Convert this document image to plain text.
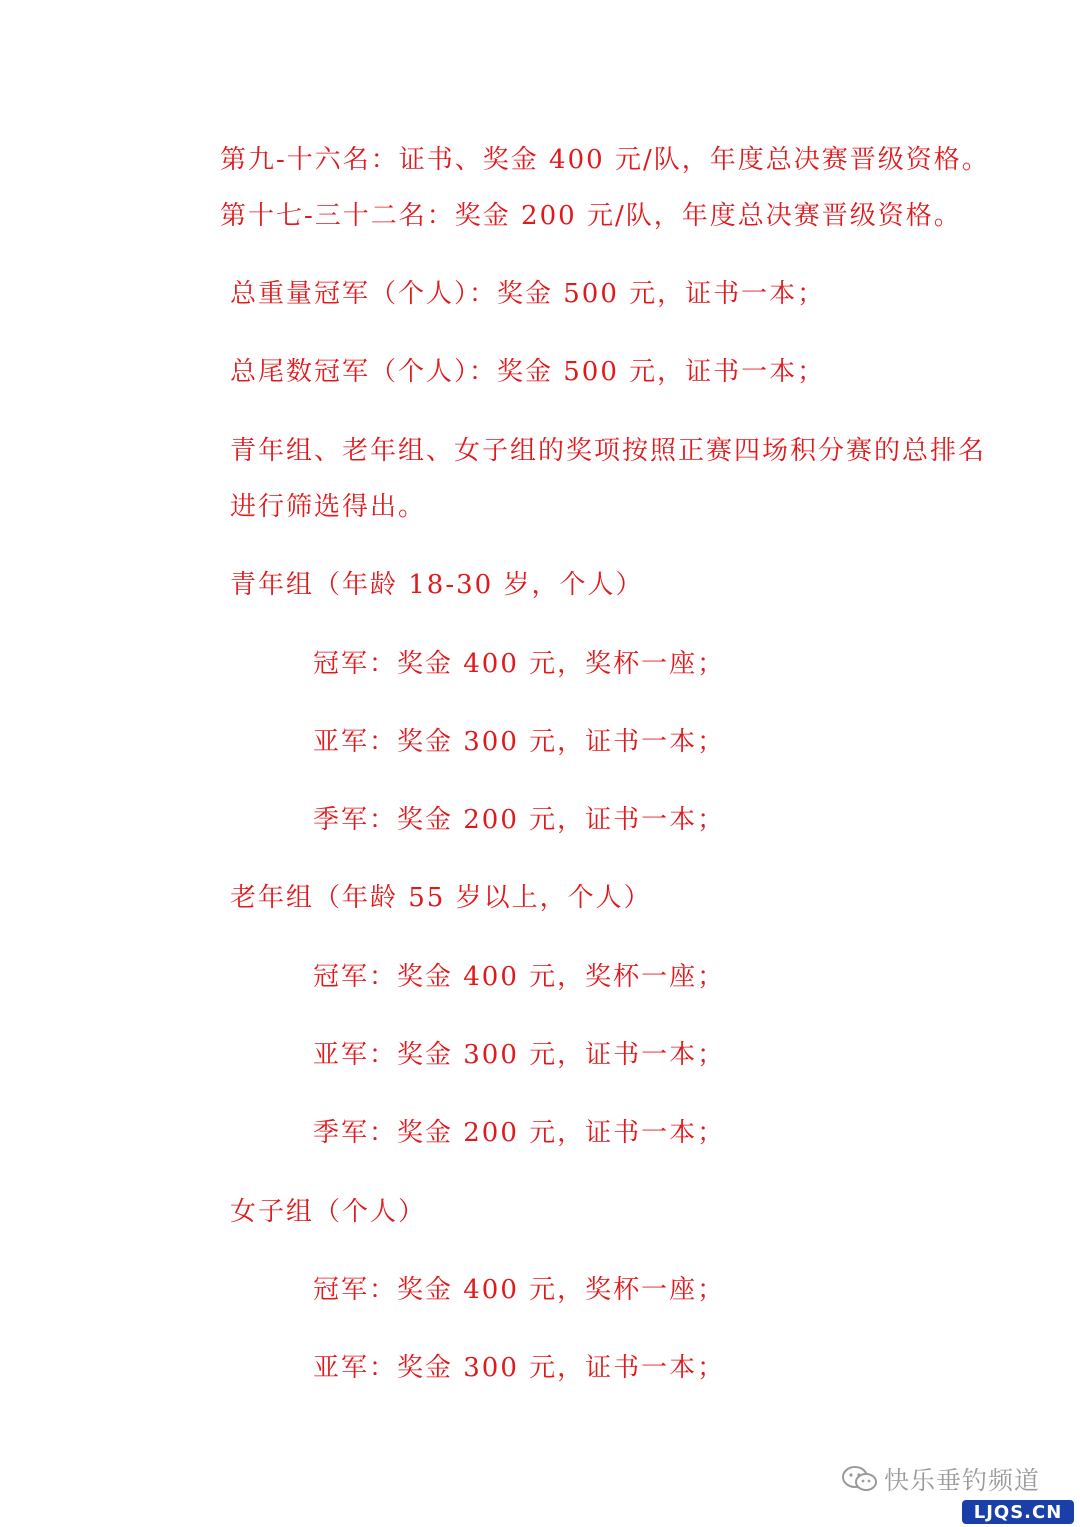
第九-十六名：证书、奖金 400 元/队，年度总决赛晋级资格。
第十七-三十二名：奖金 200 元/队，年度总决赛晋级资格。
总重量冠军（个人）：奖金 500 元，证书一本；
总尾数冠军（个人）：奖金 500 元，证书一本；
青年组、老年组、女子组的奖项按照正赛四场积分赛的总排名
进行筛选得出。
青年组（年龄 18-30 岁，个人）
冠军：奖金 400 元，奖杯一座；
亚军：奖金 300 元，证书一本；
季军：奖金 200 元，证书一本；
老年组（年龄 55 岁以上，个人）
冠军：奖金 400 元，奖杯一座；
亚军：奖金 300 元，证书一本；
季军：奖金 200 元，证书一本；
女子组（个人）
冠军：奖金 400 元，奖杯一座；
亚军：奖金 300 元，证书一本；
快乐垂钓频道
LJQS.CN
